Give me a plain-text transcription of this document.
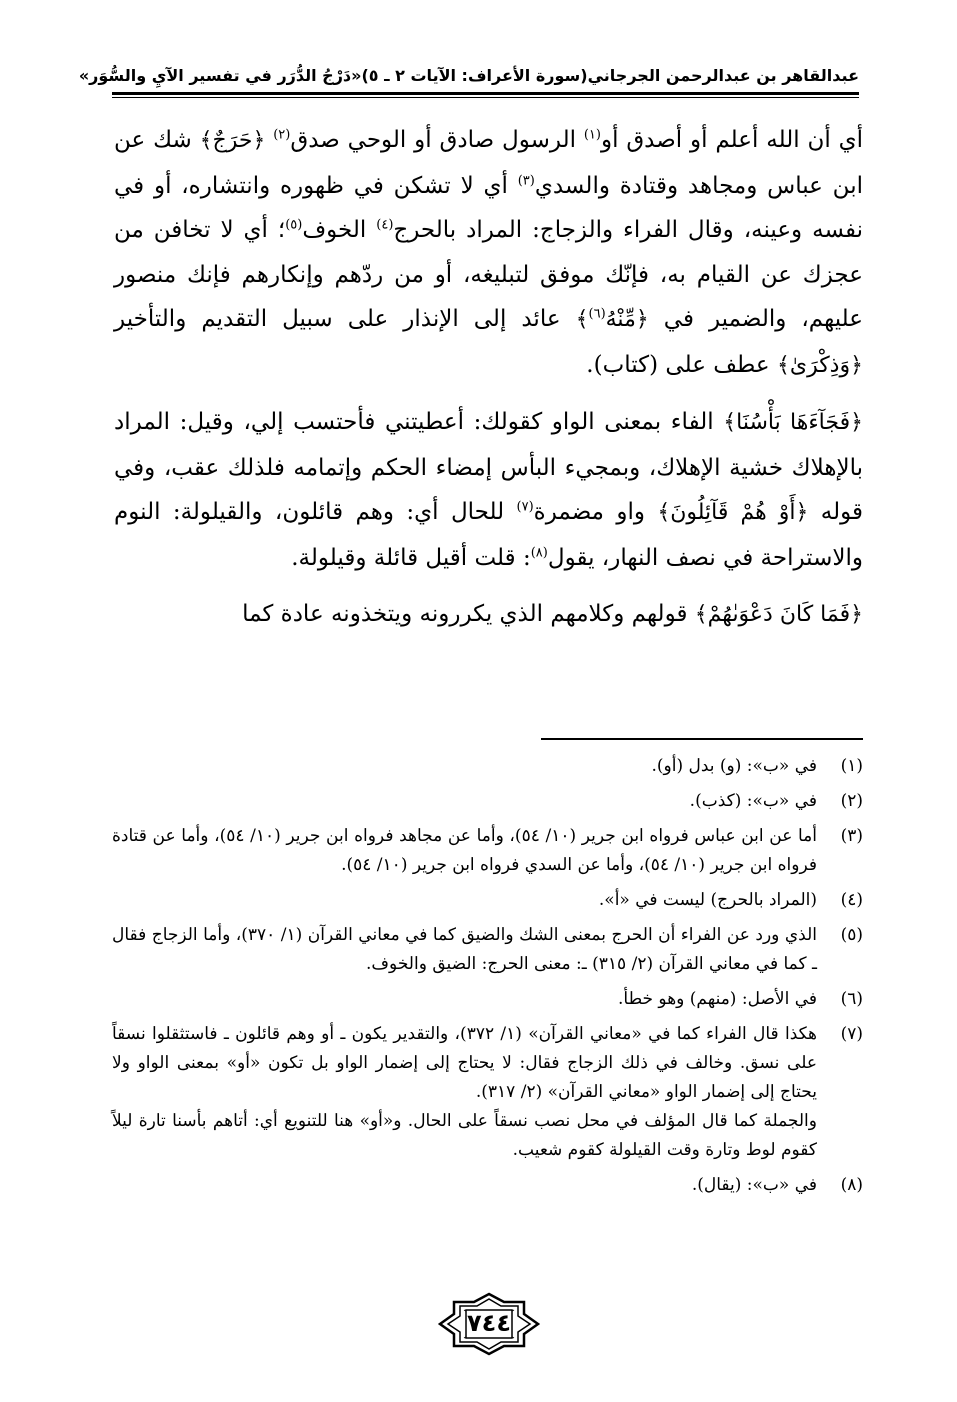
عبدالقاهر بن عبدالرحمن الجرجاني
(سورة الأعراف: الآيات ٢ ـ ٥)
«دَرْجُ الدُّرَر في تفسير الآيِ والسُّوَر»

أي أن الله أعلم أو أصدق أو$^{(١)}$ الرسول صادق أو الوحي صدق$^{(٢)}$ ﴿حَرَجٌ﴾ شك عن ابن عباس ومجاهد وقتادة والسدي$^{(٣)}$ أي لا تشكن في ظهوره وانتشاره، أو في نفسه وعينه، وقال الفراء والزجاج: المراد بالحرج$^{(٤)}$ الخوف$^{(٥)}$؛ أي لا تخافن من عجزك عن القيام به، فإنّك موفق لتبليغه، أو من ردّهم وإنكارهم فإنك منصور عليهم، والضمير في ﴿مِّنْهُ$^{(٦)}$﴾ عائد إلى الإنذار على سبيل التقديم والتأخير ﴿وَذِكْرَىٰ﴾ عطف على (كتاب).

﴿فَجَآءَهَا بَأْسُنَا﴾ الفاء بمعنى الواو كقولك: أعطيتني فأحتسب إلي، وقيل: المراد بالإهلاك خشية الإهلاك، وبمجيء البأس إمضاء الحكم وإتمامه فلذلك عقب، وفي قوله ﴿أَوْ هُمْ قَآئِلُونَ﴾ واو مضمرة$^{(٧)}$ للحال أي: وهم قائلون، والقيلولة: النوم والاستراحة في نصف النهار، يقول$^{(٨)}$: قلت أقيل قائلة وقيلولة.

﴿فَمَا كَانَ دَعْوَىٰهُمْ﴾ قولهم وكلامهم الذي يكررونه ويتخذونه عادة كما

(١)
في «ب»: (و) بدل (أو).
(٢)
في «ب»: (كذب).
(٣)
أما عن ابن عباس فرواه ابن جرير (١٠/ ٥٤)، وأما عن مجاهد فرواه ابن جرير (١٠/ ٥٤)، وأما عن قتادة فرواه ابن جرير (١٠/ ٥٤)، وأما عن السدي فرواه ابن جرير (١٠/ ٥٤).
(٤)
(المراد بالحرج) ليست في «أ».
(٥)
الذي ورد عن الفراء أن الحرج بمعنى الشك والضيق كما في معاني القرآن (١/ ٣٧٠)، وأما الزجاج فقال ـ كما في معاني القرآن (٢/ ٣١٥) ـ: معنى الحرج: الضيق والخوف.
(٦)
في الأصل: (منهم) وهو خطأ.
(٧)
هكذا قال الفراء كما في «معاني القرآن» (١/ ٣٧٢)، والتقدير يكون ـ أو وهم قائلون ـ فاستثقلوا نسقاً على نسق. وخالف في ذلك الزجاج فقال: لا يحتاج إلى إضمار الواو بل تكون «أو» بمعنى الواو ولا يحتاج إلى إضمار الواو «معاني القرآن» (٢/ ٣١٧).
والجملة كما قال المؤلف في محل نصب نسقاً على الحال. و«أو» هنا للتنويع أي: أتاهم بأسنا تارة ليلاً كقوم لوط وتارة وقت القيلولة كقوم شعيب.
(٨)
في «ب»: (يقال).
٧٤٤
